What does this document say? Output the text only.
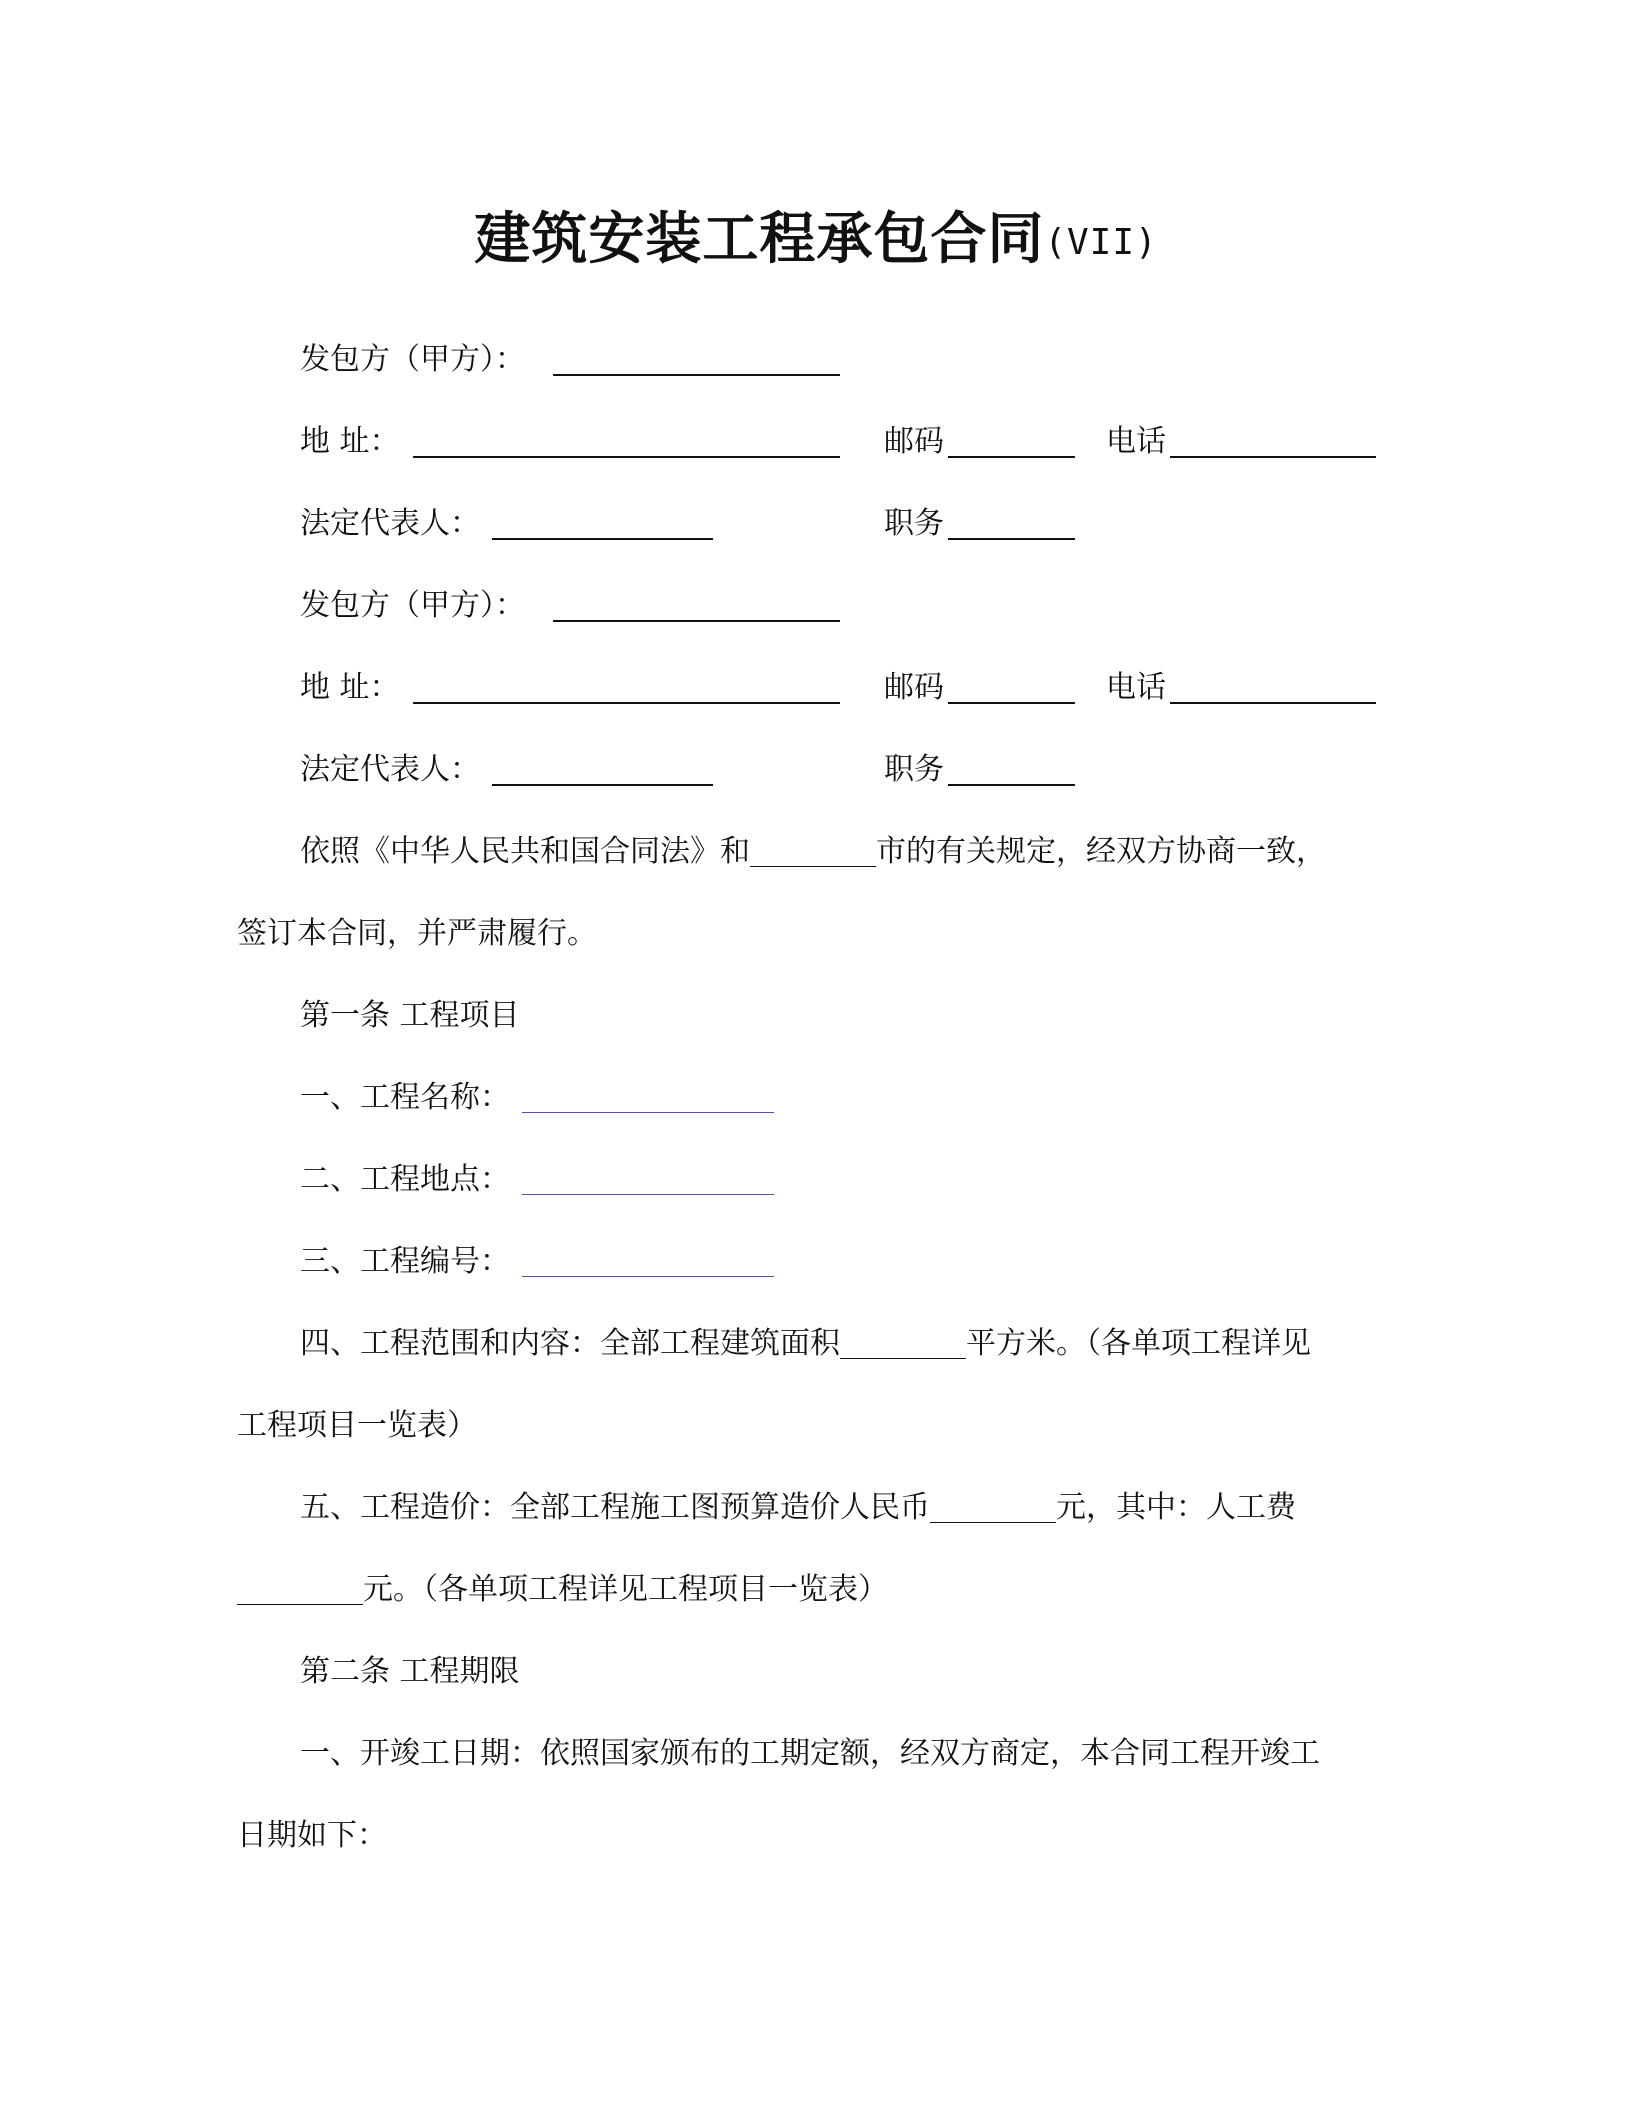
建筑安装工程承包合同(VII)
发包方（甲方）：
地 址：	邮码	电话
法定代表人：	职务
发包方（甲方）：
地 址：	邮码	电话
法定代表人：	职务
依照《中华人民共和国合同法》和	市的有关规定，经双方协商一致，
签订本合同，并严肃履行。
第一条 工程项目
一、工程名称：
二、工程地点：
三、工程编号：
四、工程范围和内容：全部工程建筑面积	平方米。（各单项工程详见
工程项目一览表）
五、工程造价：全部工程施工图预算造价人民币	元，其中：人工费
元。（各单项工程详见工程项目一览表）
第二条 工程期限
一、开竣工日期：依照国家颁布的工期定额，经双方商定，本合同工程开竣工
日期如下：
